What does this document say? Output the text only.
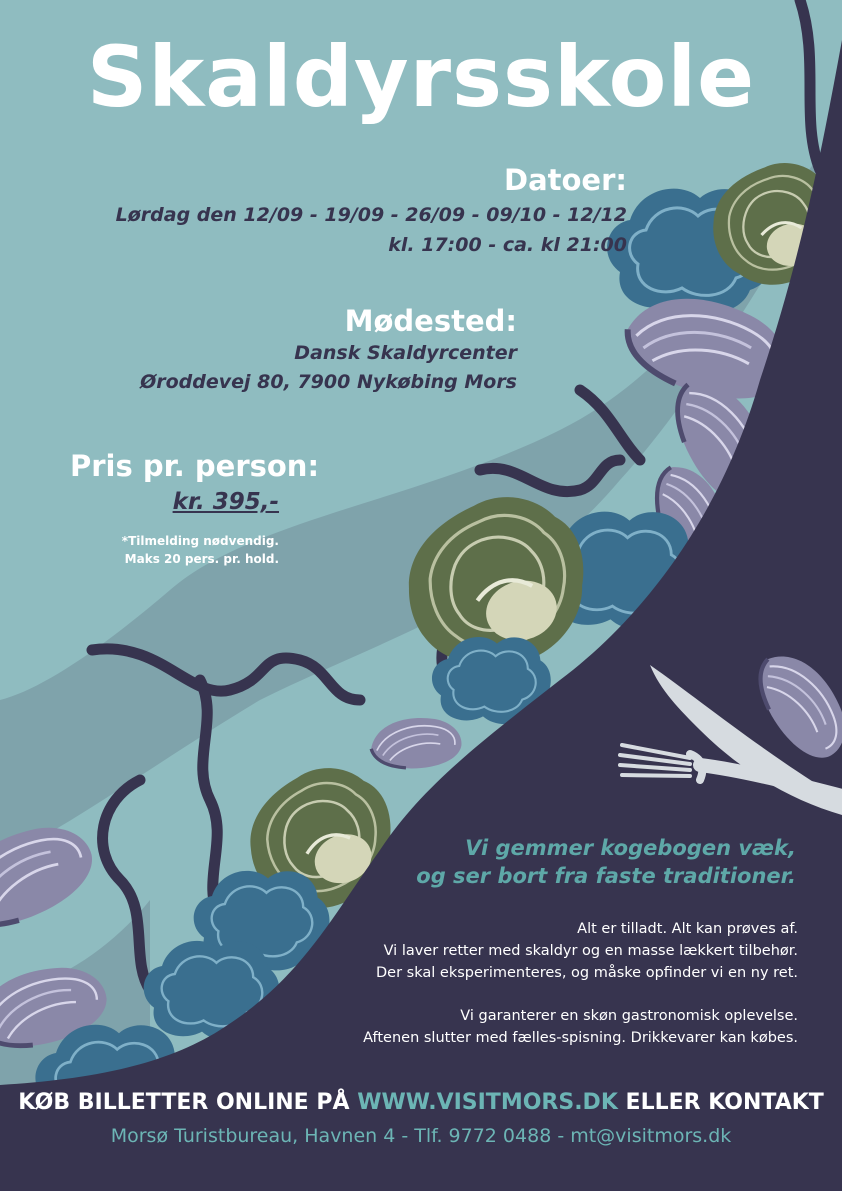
Skaldyrsskole
Datoer:
Lørdag den 12/09 - 19/09 - 26/09 - 09/10 - 12/12
kl. 17:00 - ca. kl 21:00
Mødested:
Dansk Skaldyrcenter
Øroddevej 80, 7900 Nykøbing Mors
Pris pr. person:
kr. 395,-
*Tilmelding nødvendig.
Maks 20 pers. pr. hold.
Vi gemmer kogebogen væk,
og ser bort fra faste traditioner.
Alt er tilladt. Alt kan prøves af.
Vi laver retter med skaldyr og en masse lækkert tilbehør.
Der skal eksperimenteres, og måske opfinder vi en ny ret.
Vi garanterer en skøn gastronomisk oplevelse.
Aftenen slutter med fælles-spisning. Drikkevarer kan købes.
KØB BILLETTER ONLINE PÅ WWW.VISITMORS.DK ELLER KONTAKT
Morsø Turistbureau, Havnen 4 - Tlf. 9772 0488 - mt@visitmors.dk
